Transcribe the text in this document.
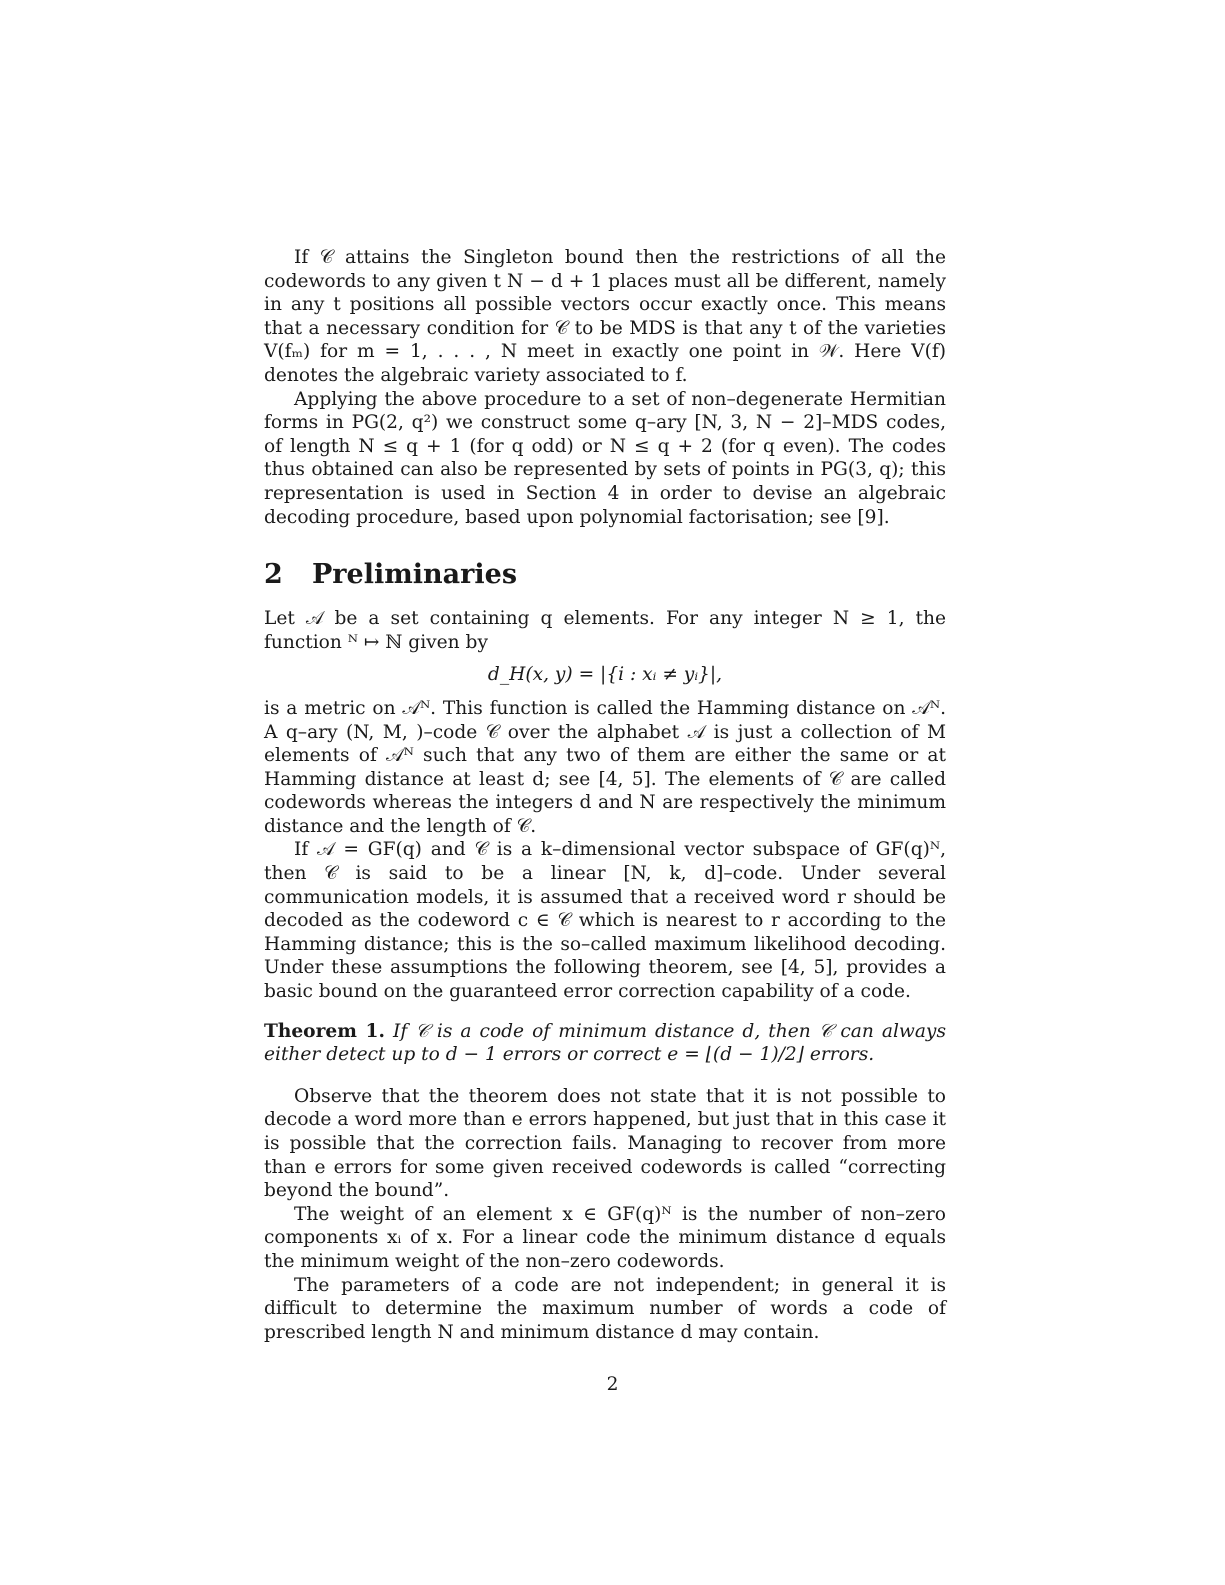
If 𝒞 attains the Singleton bound then the restrictions of all the codewords to any given t N − d + 1 places must all be different, namely in any t positions all possible vectors occur exactly once. This means that a necessary condition for 𝒞 to be MDS is that any t of the varieties V(fₘ) for m = 1, . . . , N meet in exactly one point in 𝒲. Here V(f) denotes the algebraic variety associated to f.

Applying the above procedure to a set of non–degenerate Hermitian forms in PG(2, q²) we construct some q–ary [N, 3, N − 2]–MDS codes, of length N ≤ q + 1 (for q odd) or N ≤ q + 2 (for q even). The codes thus obtained can also be represented by sets of points in PG(3, q); this representation is used in Section 4 in order to devise an algebraic decoding procedure, based upon polynomial factorisation; see [9].

2 Preliminaries

Let 𝒜 be a set containing q elements. For any integer N ≥ 1, the function ᴺ ↦ ℕ given by

d_H(x, y) = |{i : xᵢ ≠ yᵢ}|,

is a metric on 𝒜ᴺ. This function is called the Hamming distance on 𝒜ᴺ. A q–ary (N, M, )–code 𝒞 over the alphabet 𝒜 is just a collection of M elements of 𝒜ᴺ such that any two of them are either the same or at Hamming distance at least d; see [4, 5]. The elements of 𝒞 are called codewords whereas the integers d and N are respectively the minimum distance and the length of 𝒞.

If 𝒜 = GF(q) and 𝒞 is a k–dimensional vector subspace of GF(q)ᴺ, then 𝒞 is said to be a linear [N, k, d]–code. Under several communication models, it is assumed that a received word r should be decoded as the codeword c ∈ 𝒞 which is nearest to r according to the Hamming distance; this is the so–called maximum likelihood decoding. Under these assumptions the following theorem, see [4, 5], provides a basic bound on the guaranteed error correction capability of a code.

Theorem 1. If 𝒞 is a code of minimum distance d, then 𝒞 can always either detect up to d − 1 errors or correct e = ⌊(d − 1)/2⌋ errors.

Observe that the theorem does not state that it is not possible to decode a word more than e errors happened, but just that in this case it is possible that the correction fails. Managing to recover from more than e errors for some given received codewords is called “correcting beyond the bound”.

The weight of an element x ∈ GF(q)ᴺ is the number of non–zero components xᵢ of x. For a linear code the minimum distance d equals the minimum weight of the non–zero codewords.

The parameters of a code are not independent; in general it is difficult to determine the maximum number of words a code of prescribed length N and minimum distance d may contain.

2
